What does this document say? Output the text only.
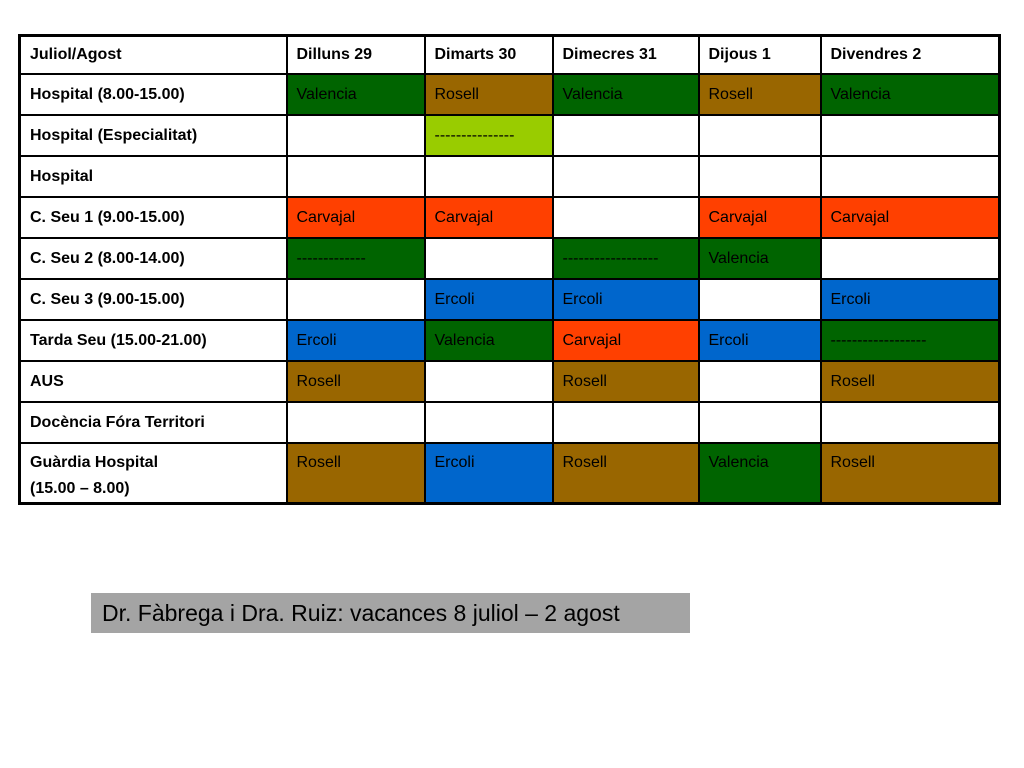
Juliol/Agost	Dilluns 29	Dimarts 30	Dimecres 31	Dijous 1	Divendres 2

Hospital (8.00-15.00)	Valencia	Rosell	Valencia	Rosell	Valencia

Hospital (Especialitat)		---------------			

Hospital					

C. Seu 1 (9.00-15.00)	Carvajal	Carvajal		Carvajal	Carvajal

C. Seu 2 (8.00-14.00)	-------------		------------------	Valencia	

C. Seu 3 (9.00-15.00)		Ercoli	Ercoli		Ercoli

Tarda Seu (15.00-21.00)	Ercoli	Valencia	Carvajal	Ercoli	------------------

AUS	Rosell		Rosell		Rosell

Docència Fóra Territori					

Guàrdia Hospital
(15.00 – 8.00)	Rosell	Ercoli	Rosell	Valencia	Rosell
Dr. Fàbrega i Dra. Ruiz: vacances 8 juliol – 2 agost
